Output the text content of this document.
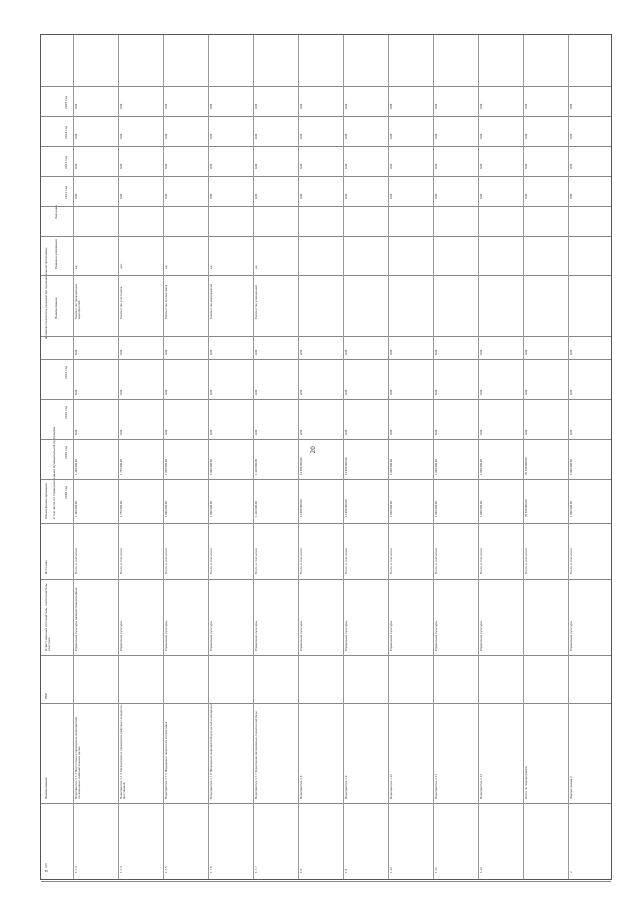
20
№ п/п
Наименование
КБК
Ответственный исполнитель, соисполнитель, участник
Источник
Объем финансирования	в том числе по годам реализации муниципальной программы
Целевой показатель (индикатор) муниципальной программы	Наименование
Единица измерения
Значение
2018 год
2019 год
2020 год
2021 год
2022 год
2023 год
2024 год
2025 год
1.7.3
Мероприятие 1.7.3 Подготовка и проведение мероприятий, посвященных знаменательным датам
Управление культуры администрации района
Всего, в том числе:
1 400 000,00
1 400 000,00
0,00
0,00
0,00
Количество проведенных мероприятий
ед.
0,00
0,00
0,00
0,00
1.7.4
Мероприятие 1.7.4 Организация и проведение районных конкурсов, фестивалей
Управление культуры
Всего, в том числе:
1 750 000,00
1 750 000,00
0,00
0,00
0,00
Количество участников
чел.
0,00
0,00
0,00
0,00
1.7.5
Мероприятие 1.7.5 Поддержка творческих коллективов
Управление культуры
Всего, в том числе:
1 000 000,00
1 000 000,00
0,00
0,00
0,00
Количество коллективов
ед.
0,00
0,00
0,00
0,00
1.7.6
Мероприятие 1.7.6 Проведение мероприятий для детей и молодежи
Управление культуры
Всего, в том числе:
1 000 000,00
1 000 000,00
0,00
0,00
0,00
Количество мероприятий
ед.
0,00
0,00
0,00
0,00
1.7.7
Мероприятие 1.7.7 Укрепление материально-технической базы
Управление культуры
Всего, в том числе:
1 440 000,00
1 440 000,00
0,00
0,00
0,00
Количество учреждений
ед.
0,00
0,00
0,00
0,00
1.8
Мероприятие 1.8
Управление культуры
Всего, в том числе:
14 000 000,00
14 000 000,00
0,00
0,00
0,00
0,00
0,00
0,00
0,00
1.9
Мероприятие 1.9
Управление культуры
Всего, в том числе:
14 000 000,00
14 000 000,00
0,00
0,00
0,00
0,00
0,00
0,00
0,00
1.10
Мероприятие 1.10
Управление культуры
Всего, в том числе:
1 000 000,00
1 000 000,00
0,00
0,00
0,00
0,00
0,00
0,00
0,00
1.11
Мероприятие 1.11
Управление культуры
Всего, в том числе:
1 000 000,00
1 000 000,00
0,00
0,00
0,00
0,00
0,00
0,00
0,00
1.12
Мероприятие 1.12
Управление культуры
Всего, в том числе:
1 000 000,00
1 000 000,00
0,00
0,00
0,00
0,00
0,00
0,00
0,00
Итого по подпрограмме
Всего, в том числе:
70 500 000,00
70 500 000,00
0,00
0,00
0,00
0,00
0,00
0,00
0,00
2
Подпрограмма 2
Управление культуры
Всего, в том числе:
1 000 000,00
1 000 000,00
0,00
0,00
0,00
0,00
0,00
0,00
0,00
